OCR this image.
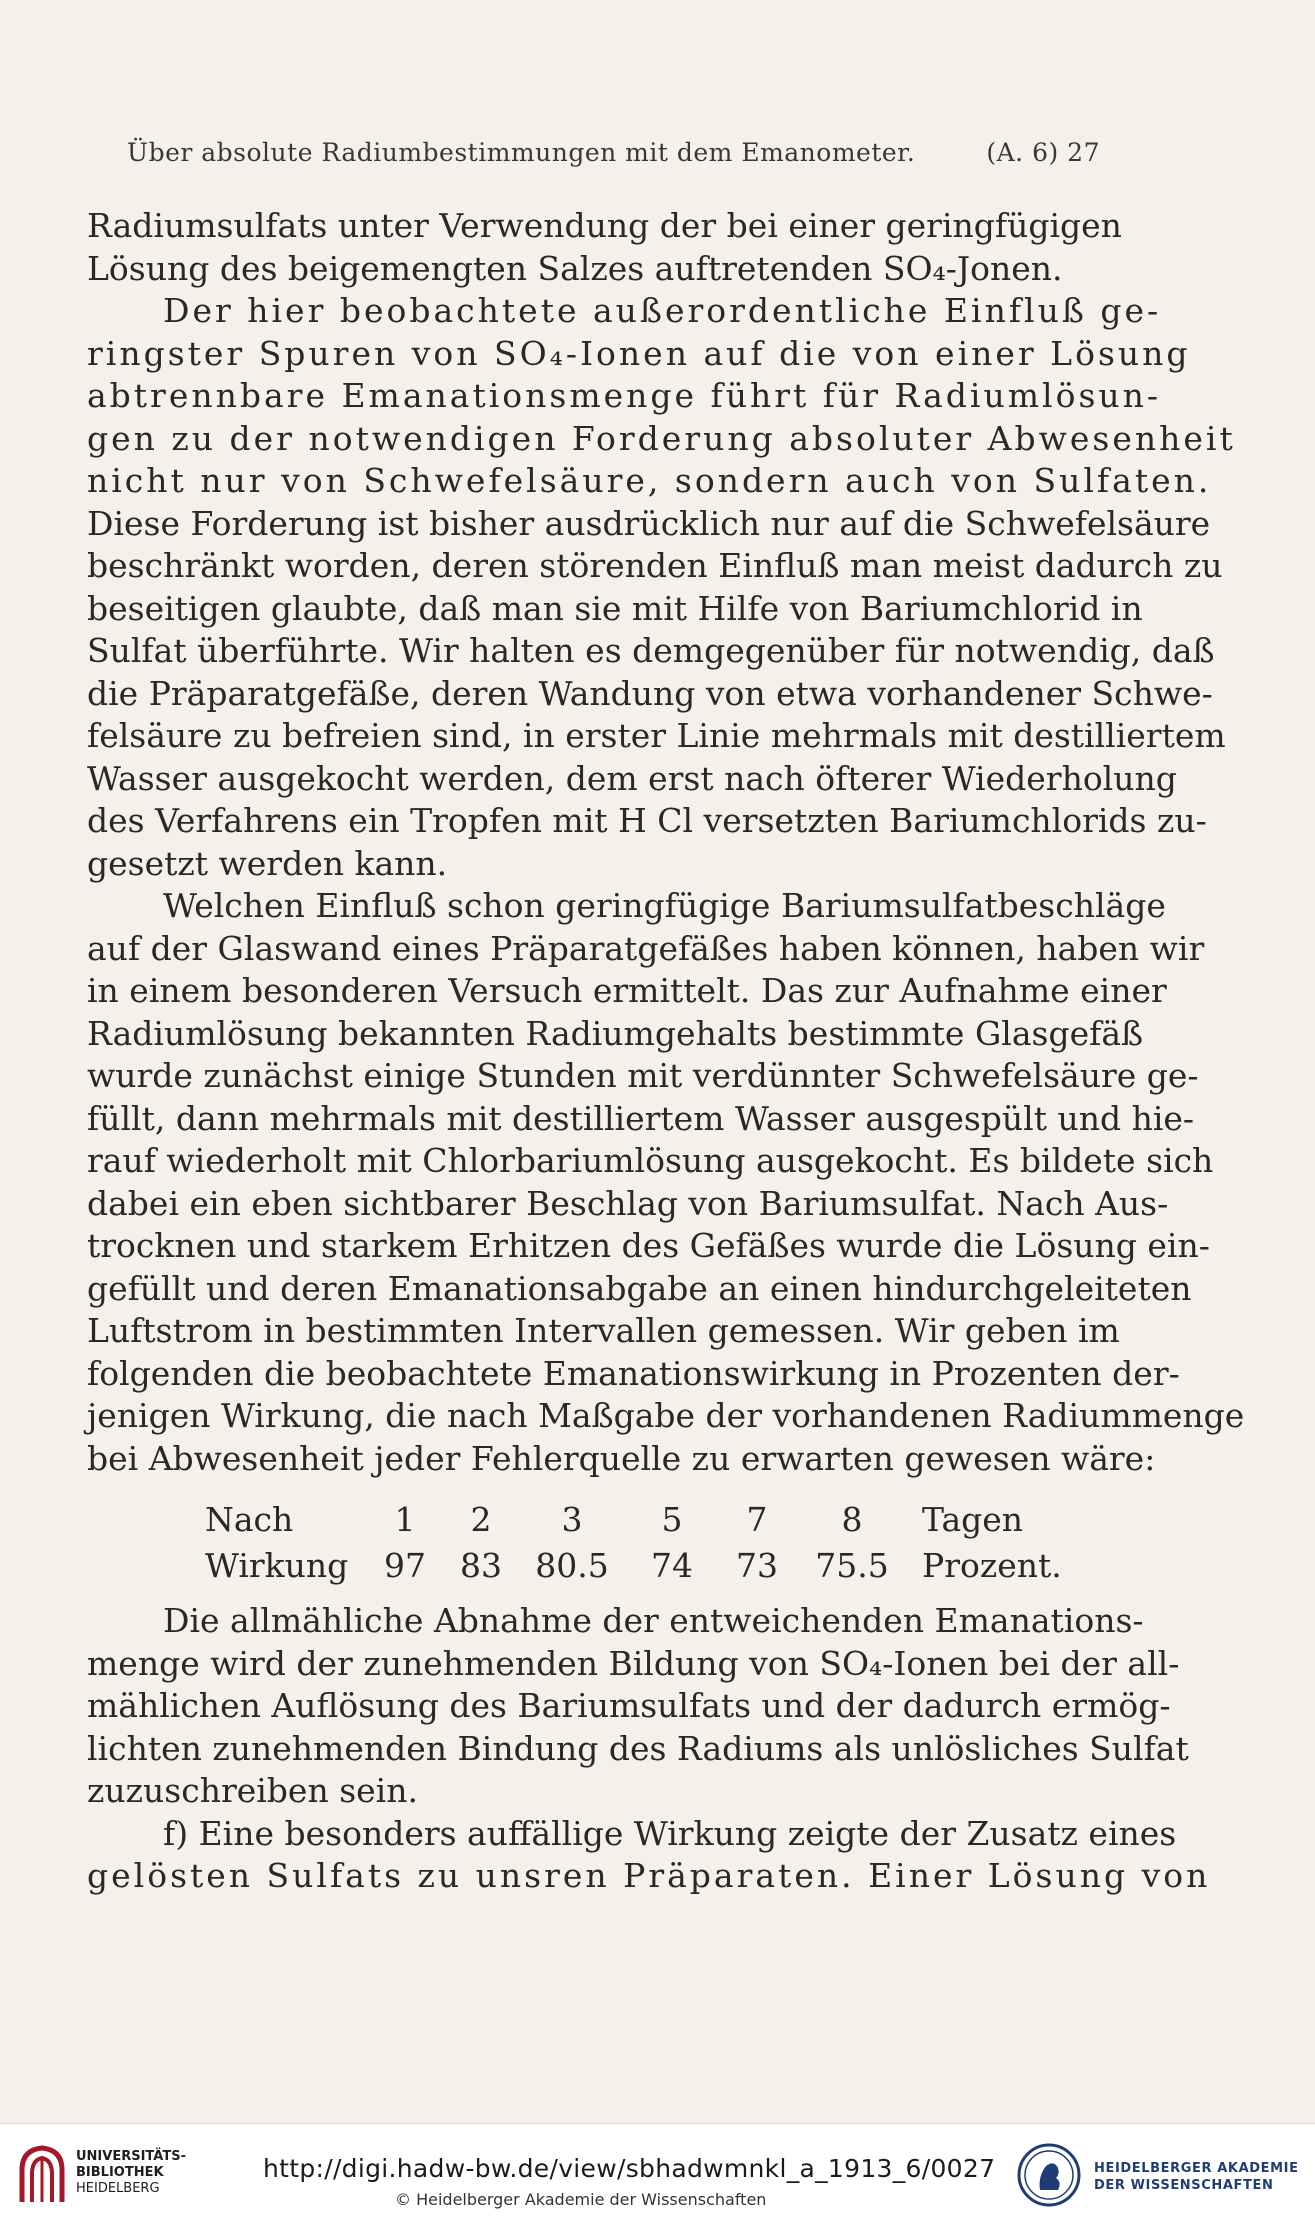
Über absolute Radiumbestimmungen mit dem Emanometer.	(A. 6) 27
Radiumsulfats unter Verwendung der bei einer geringfügigen
Lösung des beigemengten Salzes auftretenden SO₄-Jonen.
Der hier beobachtete außerordentliche Einfluß ge-
ringster Spuren von SO₄-Ionen auf die von einer Lösung
abtrennbare Emanationsmenge führt für Radiumlösun-
gen zu der notwendigen Forderung absoluter Abwesenheit
nicht nur von Schwefelsäure, sondern auch von Sulfaten.
Diese Forderung ist bisher ausdrücklich nur auf die Schwefelsäure
beschränkt worden, deren störenden Einfluß man meist dadurch zu
beseitigen glaubte, daß man sie mit Hilfe von Bariumchlorid in
Sulfat überführte. Wir halten es demgegenüber für notwendig, daß
die Präparatgefäße, deren Wandung von etwa vorhandener Schwe-
felsäure zu befreien sind, in erster Linie mehrmals mit destilliertem
Wasser ausgekocht werden, dem erst nach öfterer Wiederholung
des Verfahrens ein Tropfen mit H Cl versetzten Bariumchlorids zu-
gesetzt werden kann.
Welchen Einfluß schon geringfügige Bariumsulfatbeschläge
auf der Glaswand eines Präparatgefäßes haben können, haben wir
in einem besonderen Versuch ermittelt. Das zur Aufnahme einer
Radiumlösung bekannten Radiumgehalts bestimmte Glasgefäß
wurde zunächst einige Stunden mit verdünnter Schwefelsäure ge-
füllt, dann mehrmals mit destilliertem Wasser ausgespült und hie-
rauf wiederholt mit Chlorbariumlösung ausgekocht. Es bildete sich
dabei ein eben sichtbarer Beschlag von Bariumsulfat. Nach Aus-
trocknen und starkem Erhitzen des Gefäßes wurde die Lösung ein-
gefüllt und deren Emanationsabgabe an einen hindurchgeleiteten
Luftstrom in bestimmten Intervallen gemessen. Wir geben im
folgenden die beobachtete Emanationswirkung in Prozenten der-
jenigen Wirkung, die nach Maßgabe der vorhandenen Radiummenge
bei Abwesenheit jeder Fehlerquelle zu erwarten gewesen wäre:
Nach	1	2	3	5	7	8	Tagen
Wirkung	97	83	80.5	74	73	75.5	Prozent.
Die allmähliche Abnahme der entweichenden Emanations-
menge wird der zunehmenden Bildung von SO₄-Ionen bei der all-
mählichen Auflösung des Bariumsulfats und der dadurch ermög-
lichten zunehmenden Bindung des Radiums als unlösliches Sulfat
zuzuschreiben sein.
f) Eine besonders auffällige Wirkung zeigte der Zusatz eines
gelösten Sulfats zu unsren Präparaten. Einer Lösung von
UNIVERSITÄTS-
BIBLIOTHEK
HEIDELBERG
http://digi.hadw-bw.de/view/sbhadwmnkl_a_1913_6/0027
© Heidelberger Akademie der Wissenschaften
HEIDELBERGER AKADEMIE
DER WISSENSCHAFTEN
